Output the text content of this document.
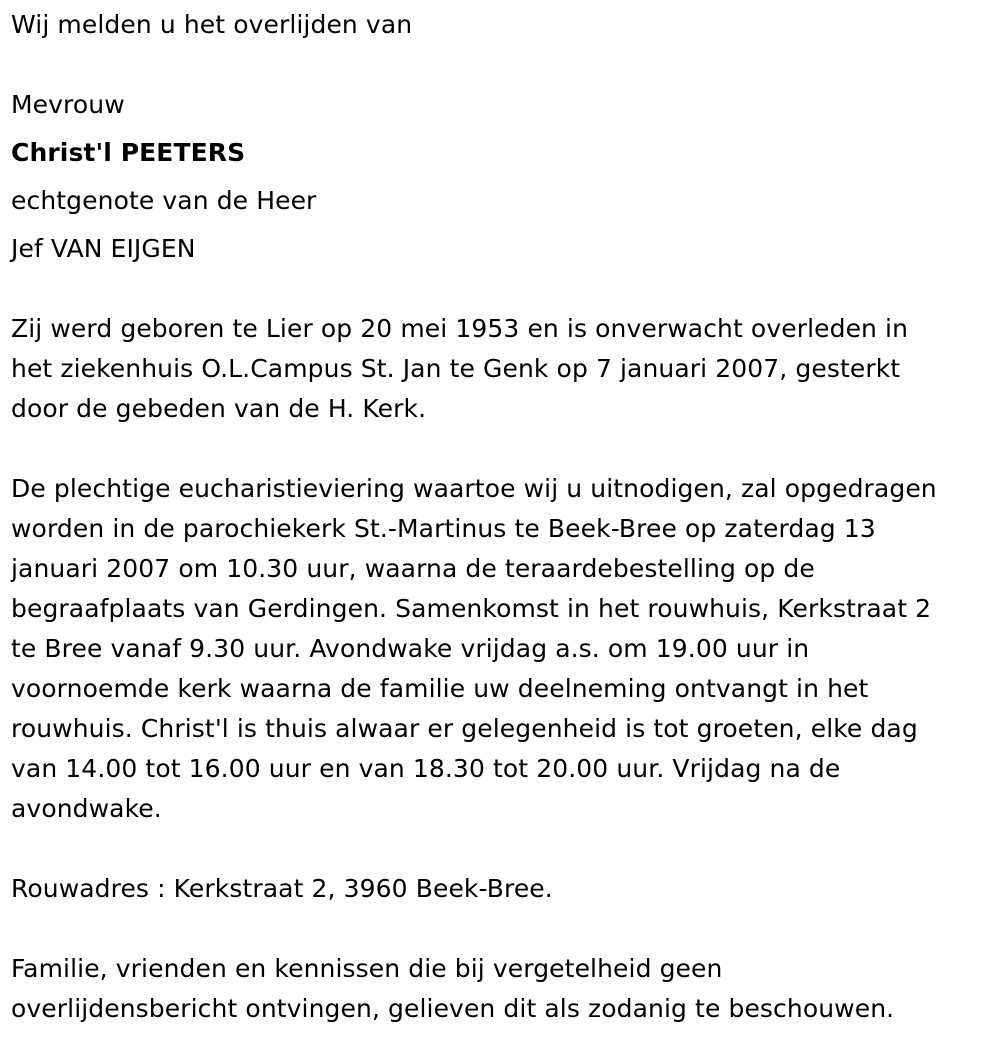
Wij melden u het overlijden van
Mevrouw
Christ'l PEETERS
echtgenote van de Heer
Jef VAN EIJGEN
Zij werd geboren te Lier op 20 mei 1953 en is onverwacht overleden in
het ziekenhuis O.L.Campus St. Jan te Genk op 7 januari 2007, gesterkt
door de gebeden van de H. Kerk.
De plechtige eucharistieviering waartoe wij u uitnodigen, zal opgedragen
worden in de parochiekerk St.-Martinus te Beek-Bree op zaterdag 13
januari 2007 om 10.30 uur, waarna de teraardebestelling op de
begraafplaats van Gerdingen. Samenkomst in het rouwhuis, Kerkstraat 2
te Bree vanaf 9.30 uur. Avondwake vrijdag a.s. om 19.00 uur in
voornoemde kerk waarna de familie uw deelneming ontvangt in het
rouwhuis. Christ'l is thuis alwaar er gelegenheid is tot groeten, elke dag
van 14.00 tot 16.00 uur en van 18.30 tot 20.00 uur. Vrijdag na de
avondwake.
Rouwadres : Kerkstraat 2, 3960 Beek-Bree.
Familie, vrienden en kennissen die bij vergetelheid geen
overlijdensbericht ontvingen, gelieven dit als zodanig te beschouwen.
